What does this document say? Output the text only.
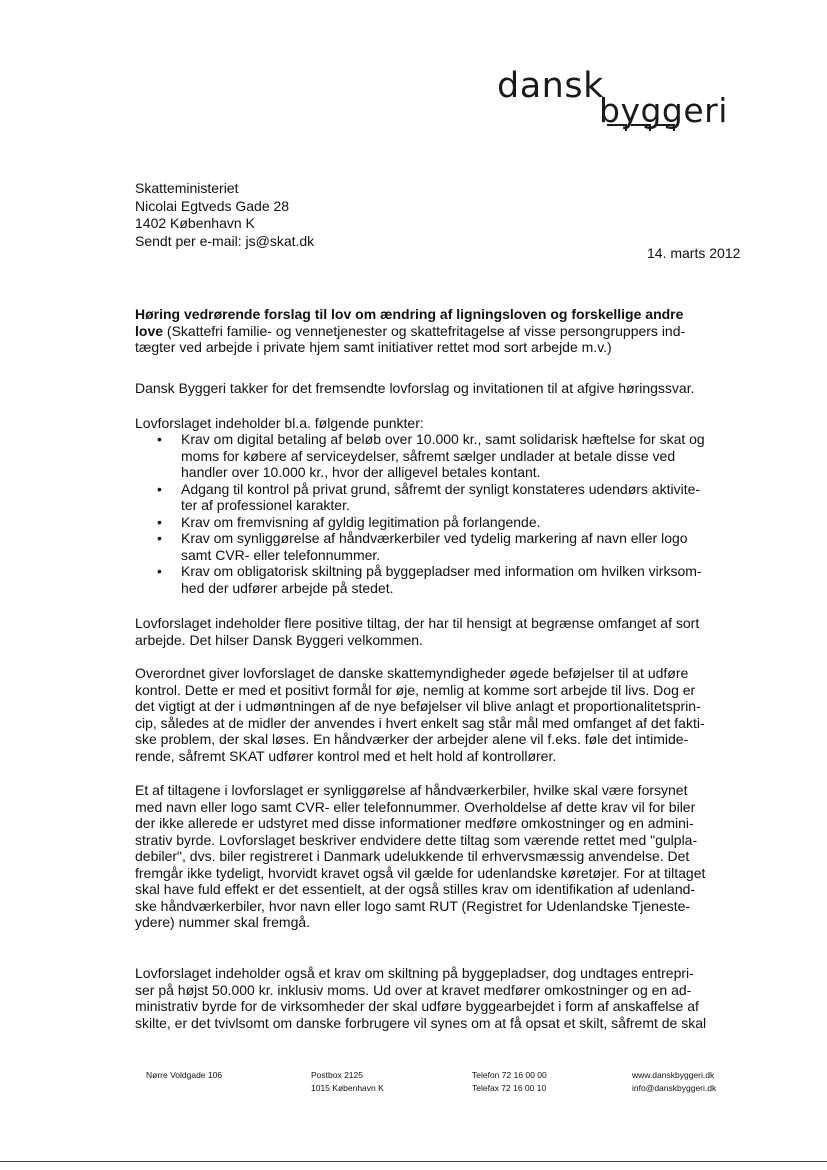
dansk
byggeri
Skatteministeriet
Nicolai Egtveds Gade 28
1402 København K
Sendt per e-mail: js@skat.dk
14. marts 2012
Høring vedrørende forslag til lov om ændring af ligningsloven og forskellige andre
love (Skattefri familie- og vennetjenester og skattefritagelse af visse persongruppers ind-
tægter ved arbejde i private hjem samt initiativer rettet mod sort arbejde m.v.)
Dansk Byggeri takker for det fremsendte lovforslag og invitationen til at afgive høringssvar.
Lovforslaget indeholder bl.a. følgende punkter:
• Krav om digital betaling af beløb over 10.000 kr., samt solidarisk hæftelse for skat og
moms for købere af serviceydelser, såfremt sælger undlader at betale disse ved
handler over 10.000 kr., hvor der alligevel betales kontant.
• Adgang til kontrol på privat grund, såfremt der synligt konstateres udendørs aktivite-
ter af professionel karakter.
• Krav om fremvisning af gyldig legitimation på forlangende.
• Krav om synliggørelse af håndværkerbiler ved tydelig markering af navn eller logo
samt CVR- eller telefonnummer.
• Krav om obligatorisk skiltning på byggepladser med information om hvilken virksom-
hed der udfører arbejde på stedet.
Lovforslaget indeholder flere positive tiltag, der har til hensigt at begrænse omfanget af sort
arbejde. Det hilser Dansk Byggeri velkommen.
Overordnet giver lovforslaget de danske skattemyndigheder øgede beføjelser til at udføre
kontrol. Dette er med et positivt formål for øje, nemlig at komme sort arbejde til livs. Dog er
det vigtigt at der i udmøntningen af de nye beføjelser vil blive anlagt et proportionalitetsprin-
cip, således at de midler der anvendes i hvert enkelt sag står mål med omfanget af det fakti-
ske problem, der skal løses. En håndværker der arbejder alene vil f.eks. føle det intimide-
rende, såfremt SKAT udfører kontrol med et helt hold af kontrollører.
Et af tiltagene i lovforslaget er synliggørelse af håndværkerbiler, hvilke skal være forsynet
med navn eller logo samt CVR- eller telefonnummer. Overholdelse af dette krav vil for biler
der ikke allerede er udstyret med disse informationer medføre omkostninger og en admini-
strativ byrde. Lovforslaget beskriver endvidere dette tiltag som værende rettet med "gulpla-
debiler", dvs. biler registreret i Danmark udelukkende til erhvervsmæssig anvendelse. Det
fremgår ikke tydeligt, hvorvidt kravet også vil gælde for udenlandske køretøjer. For at tiltaget
skal have fuld effekt er det essentielt, at der også stilles krav om identifikation af udenland-
ske håndværkerbiler, hvor navn eller logo samt RUT (Registret for Udenlandske Tjeneste-
ydere) nummer skal fremgå.
Lovforslaget indeholder også et krav om skiltning på byggepladser, dog undtages entrepri-
ser på højst 50.000 kr. inklusiv moms. Ud over at kravet medfører omkostninger og en ad-
ministrativ byrde for de virksomheder der skal udføre byggearbejdet i form af anskaffelse af
skilte, er det tvivlsomt om danske forbrugere vil synes om at få opsat et skilt, såfremt de skal
Nørre Voldgade 106	Postbox 2125
1015 København K
Telefon 72 16 00 00
Telefax 72 16 00 10
www.danskbyggeri.dk
info@danskbyggeri.dk
